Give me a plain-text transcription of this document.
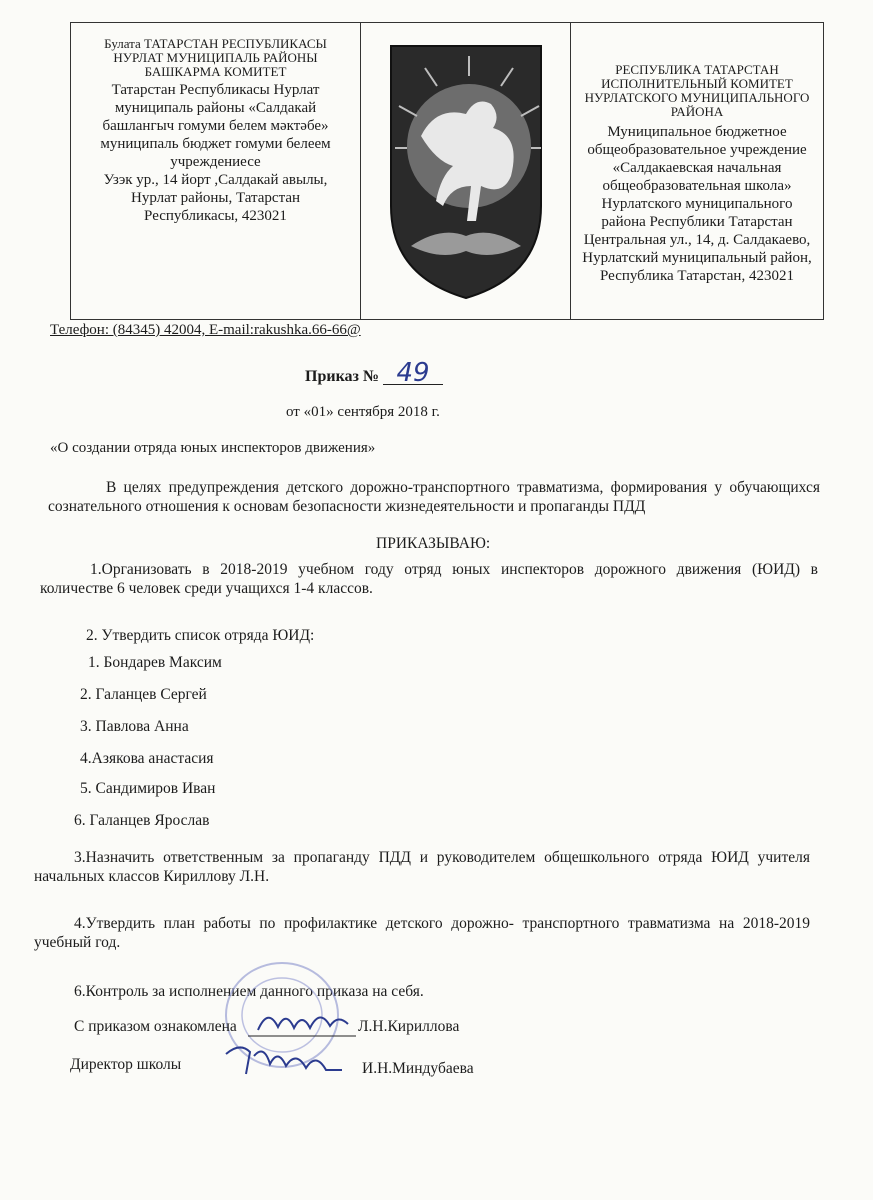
Булата ТАТАРСТАН РЕСПУБЛИКАСЫ
НУРЛАТ МУНИЦИПАЛЬ РАЙОНЫ
БАШКАРМА КОМИТЕТ
Татарстан Республикасы Нурлат
муниципаль районы «Салдакай
башлангыч гомуми белем мәктәбе»
муниципаль бюджет гомуми белеем
учреждениесе
Узэк ур., 14 йорт ,Салдакай авылы,
Нурлат районы, Татарстан
Республикасы, 423021
РЕСПУБЛИКА ТАТАРСТАН
ИСПОЛНИТЕЛЬНЫЙ КОМИТЕТ
НУРЛАТСКОГО МУНИЦИПАЛЬНОГО
РАЙОНА
Муниципальное бюджетное
общеобразовательное учреждение
«Салдакаевская начальная
общеобразовательная школа»
Нурлатского муниципального
района Республики Татарстан
Центральная ул., 14, д. Салдакаево,
Нурлатский муниципальный район,
Республика Татарстан, 423021
Телефон: (84345) 42004, E-mail:rakushka.66-66@
Приказ № 49
от «01» сентября 2018 г.
«О создании отряда юных инспекторов движения»
В целях предупреждения детского дорожно-транспортного травматизма, формирования у обучающихся сознательного отношения к основам безопасности жизнедеятельности и пропаганды ПДД
ПРИКАЗЫВАЮ:
1.Организовать в 2018-2019 учебном году отряд юных инспекторов дорожного движения (ЮИД) в количестве 6 человек среди учащихся 1-4 классов.
2. Утвердить список отряда ЮИД:
1. Бондарев Максим
2. Галанцев Сергей
3. Павлова Анна
4.Азякова анастасия
5. Сандимиров Иван
6. Галанцев Ярослав
3.Назначить ответственным за пропаганду ПДД и руководителем общешкольного отряда ЮИД учителя начальных классов Кириллову Л.Н.
4.Утвердить план работы по профилактике детского дорожно- транспортного травматизма на 2018-2019 учебный год.
6.Контроль за исполнением данного приказа на себя.
С приказом ознакомлена	Л.Н.Кириллова
Директор школы	И.Н.Миндубаева
